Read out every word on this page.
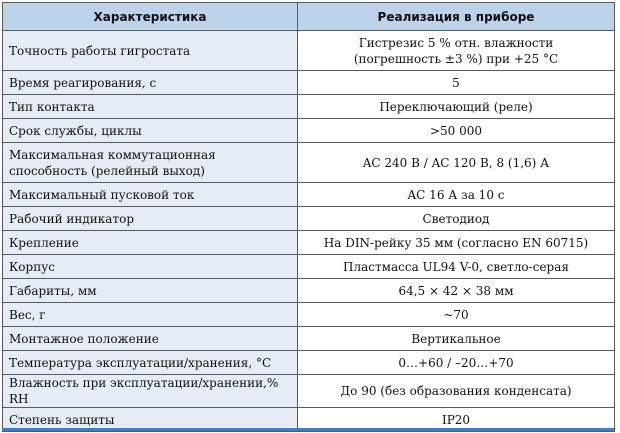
Характеристика	Реализация в приборе

Точность работы гигростата	Гистрезис 5 % отн. влажности
(погрешность ±3 %) при +25 °С

Время реагирования, с	5

Тип контакта	Переключающий (реле)

Срок службы, циклы	>50 000

Максимальная коммутационная
способность (релейный выход)	AC 240 В / AC 120 В, 8 (1,6) А

Максимальный пусковой ток	AC 16 А за 10 с

Рабочий индикатор	Светодиод

Крепление	На DIN-рейку 35 мм (согласно EN 60715)

Корпус	Пластмасса UL94 V-0, светло-серая

Габариты, мм	64,5 × 42 × 38 мм

Вес, г	~70

Монтажное положение	Вертикальное

Температура эксплуатации/хранения, °С	0…+60 / –20…+70

Влажность при эксплуатации/хранении,% RH	До 90 (без образования конденсата)

Степень защиты	IP20
